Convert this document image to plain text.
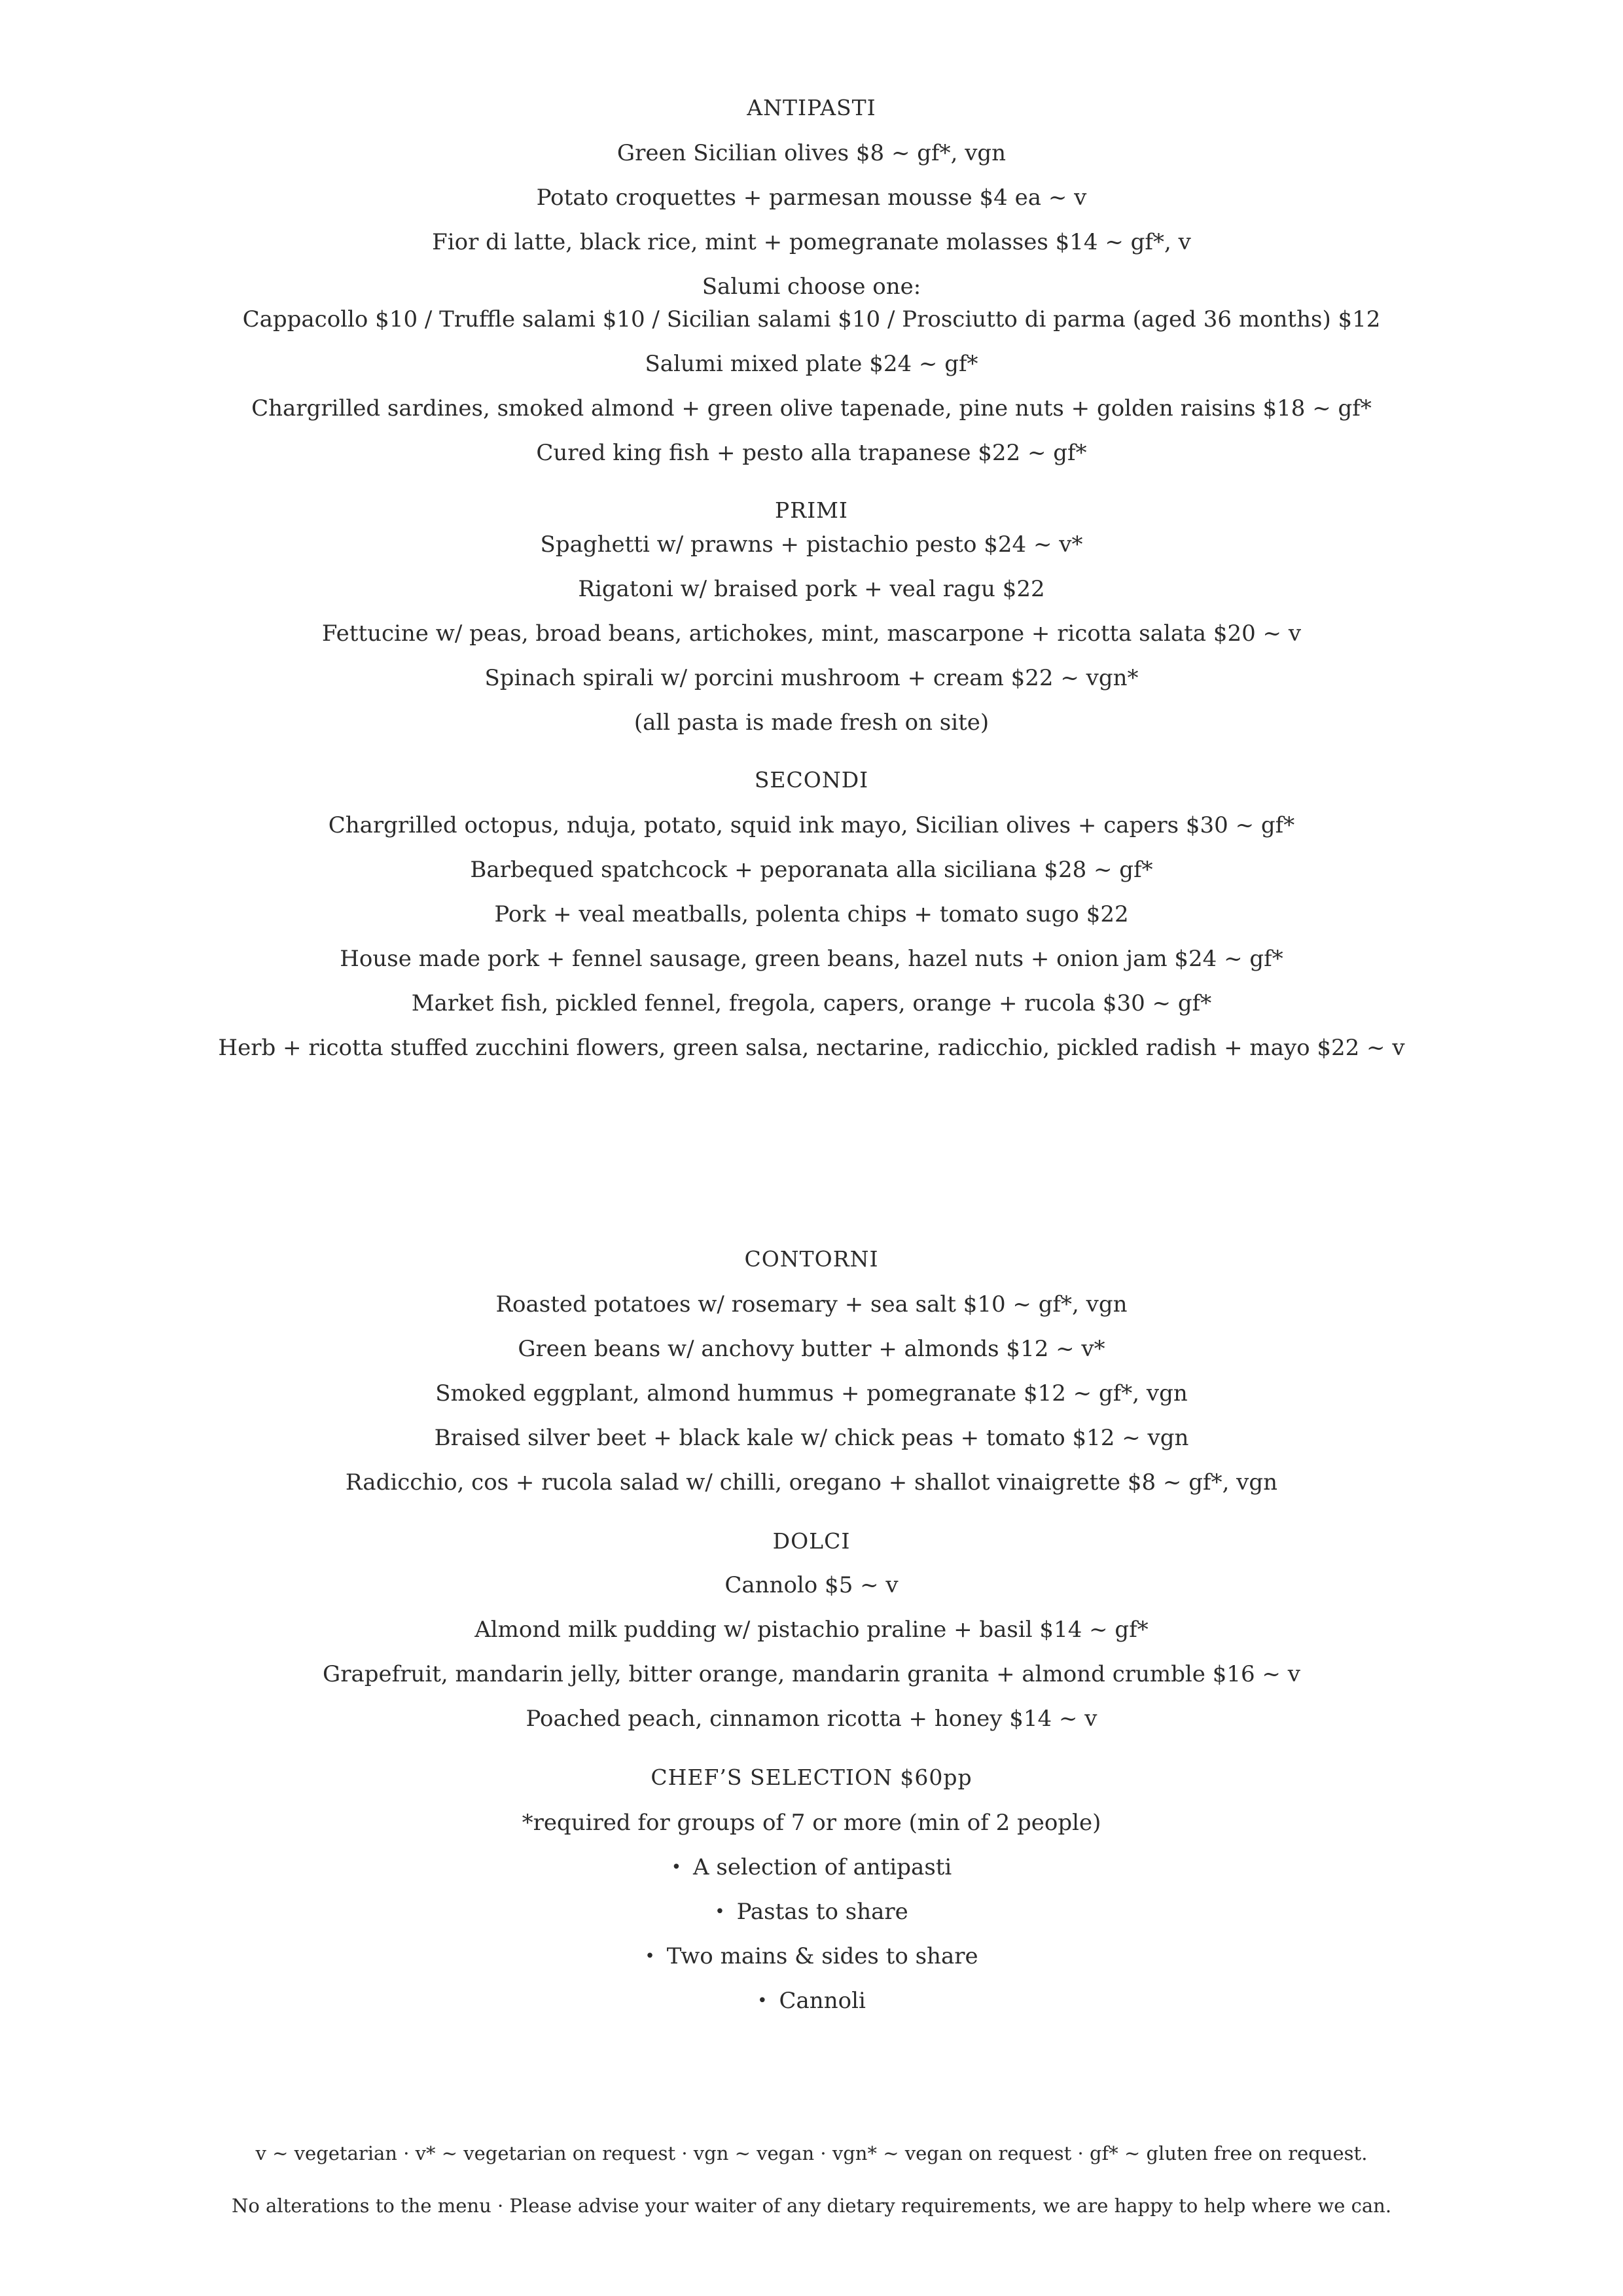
ANTIPASTI
Green Sicilian olives $8 ~ gf*, vgn
Potato croquettes + parmesan mousse $4 ea ~ v
Fior di latte, black rice, mint + pomegranate molasses $14 ~ gf*, v
Salumi choose one:
Cappacollo $10 / Truffle salami $10 / Sicilian salami $10 / Prosciutto di parma (aged 36 months) $12
Salumi mixed plate $24 ~ gf*
Chargrilled sardines, smoked almond + green olive tapenade, pine nuts + golden raisins $18 ~ gf*
Cured king fish + pesto alla trapanese $22 ~ gf*
PRIMI
Spaghetti w/ prawns + pistachio pesto $24 ~ v*
Rigatoni w/ braised pork + veal ragu $22
Fettucine w/ peas, broad beans, artichokes, mint, mascarpone + ricotta salata $20 ~ v
Spinach spirali w/ porcini mushroom + cream $22 ~ vgn*
(all pasta is made fresh on site)
SECONDI
Chargrilled octopus, nduja, potato, squid ink mayo, Sicilian olives + capers $30 ~ gf*
Barbequed spatchcock + peporanata alla siciliana $28 ~ gf*
Pork + veal meatballs, polenta chips + tomato sugo $22
House made pork + fennel sausage, green beans, hazel nuts + onion jam $24 ~ gf*
Market fish, pickled fennel, fregola, capers, orange + rucola $30 ~ gf*
Herb + ricotta stuffed zucchini flowers, green salsa, nectarine, radicchio, pickled radish + mayo $22 ~ v
CONTORNI
Roasted potatoes w/ rosemary + sea salt $10 ~ gf*, vgn
Green beans w/ anchovy butter + almonds $12 ~ v*
Smoked eggplant, almond hummus + pomegranate $12 ~ gf*, vgn
Braised silver beet + black kale w/ chick peas + tomato $12 ~ vgn
Radicchio, cos + rucola salad w/ chilli, oregano + shallot vinaigrette $8 ~ gf*, vgn
DOLCI
Cannolo $5 ~ v
Almond milk pudding w/ pistachio praline + basil $14 ~ gf*
Grapefruit, mandarin jelly, bitter orange, mandarin granita + almond crumble $16 ~ v
Poached peach, cinnamon ricotta + honey $14 ~ v
CHEF’S SELECTION $60pp
*required for groups of 7 or more (min of 2 people)
• A selection of antipasti
• Pastas to share
• Two mains & sides to share
• Cannoli
v ~ vegetarian · v* ~ vegetarian on request · vgn ~ vegan · vgn* ~ vegan on request · gf* ~ gluten free on request.
No alterations to the menu · Please advise your waiter of any dietary requirements, we are happy to help where we can.
